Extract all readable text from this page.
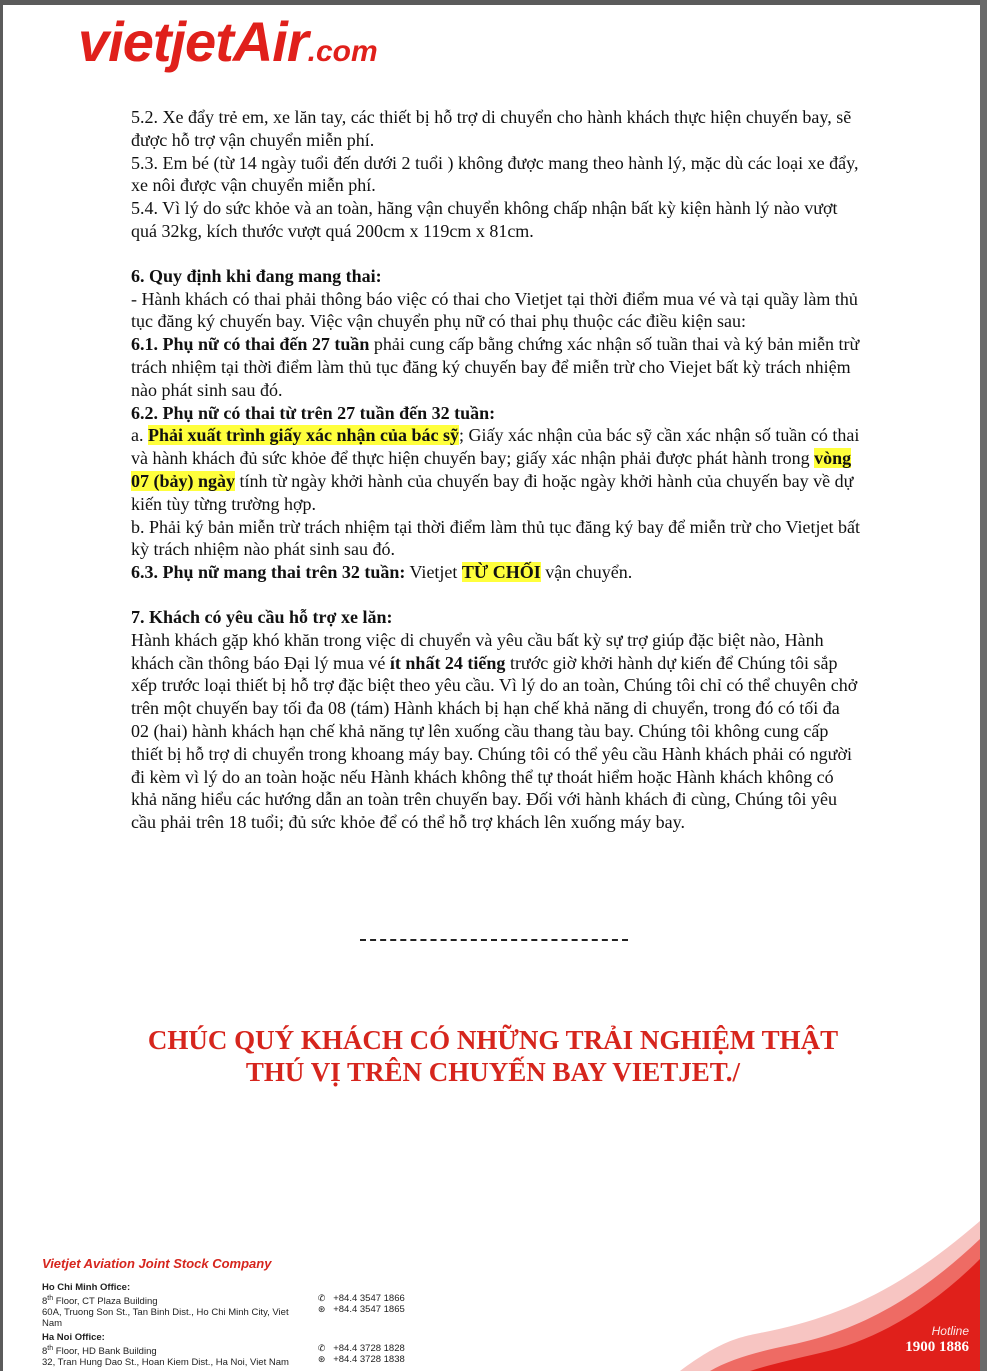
vietjetAir.com

5.2. Xe đẩy trẻ em, xe lăn tay, các thiết bị hỗ trợ di chuyển cho hành khách thực hiện chuyến bay, sẽ được hỗ trợ vận chuyển miễn phí.

5.3. Em bé (từ 14 ngày tuổi đến dưới 2 tuổi ) không được mang theo hành lý, mặc dù các loại xe đẩy, xe nôi được vận chuyển miễn phí.

5.4. Vì lý do sức khỏe và an toàn, hãng vận chuyển không chấp nhận bất kỳ kiện hành lý nào vượt quá 32kg, kích thước vượt quá 200cm x 119cm x 81cm.

6. Quy định khi đang mang thai:

- Hành khách có thai phải thông báo việc có thai cho Vietjet tại thời điểm mua vé và tại quầy làm thủ tục đăng ký chuyến bay. Việc vận chuyển phụ nữ có thai phụ thuộc các điều kiện sau:

6.1. Phụ nữ có thai đến 27 tuần phải cung cấp bằng chứng xác nhận số tuần thai và ký bản miễn trừ trách nhiệm tại thời điểm làm thủ tục đăng ký chuyến bay để miễn trừ cho Viejet bất kỳ trách nhiệm nào phát sinh sau đó.

6.2. Phụ nữ có thai từ trên 27 tuần đến 32 tuần:

a. Phải xuất trình giấy xác nhận của bác sỹ; Giấy xác nhận của bác sỹ cần xác nhận số tuần có thai và hành khách đủ sức khỏe để thực hiện chuyến bay; giấy xác nhận phải được phát hành trong vòng 07 (bảy) ngày tính từ ngày khởi hành của chuyến bay đi hoặc ngày khởi hành của chuyến bay về dự kiến tùy từng trường hợp.

b. Phải ký bản miễn trừ trách nhiệm tại thời điểm làm thủ tục đăng ký bay để miễn trừ cho Vietjet bất kỳ trách nhiệm nào phát sinh sau đó.

6.3. Phụ nữ mang thai trên 32 tuần: Vietjet TỪ CHỐI vận chuyển.

7. Khách có yêu cầu hỗ trợ xe lăn:

Hành khách gặp khó khăn trong việc di chuyển và yêu cầu bất kỳ sự trợ giúp đặc biệt nào, Hành khách cần thông báo Đại lý mua vé ít nhất 24 tiếng trước giờ khởi hành dự kiến để Chúng tôi sắp xếp trước loại thiết bị hỗ trợ đặc biệt theo yêu cầu. Vì lý do an toàn, Chúng tôi chỉ có thể chuyên chở trên một chuyến bay tối đa 08 (tám) Hành khách bị hạn chế khả năng di chuyển, trong đó có tối đa 02 (hai) hành khách hạn chế khả năng tự lên xuống cầu thang tàu bay. Chúng tôi không cung cấp thiết bị hỗ trợ di chuyển trong khoang máy bay. Chúng tôi có thể yêu cầu Hành khách phải có người đi kèm vì lý do an toàn hoặc nếu Hành khách không thể tự thoát hiểm hoặc Hành khách không có khả năng hiểu các hướng dẫn an toàn trên chuyến bay. Đối với hành khách đi cùng, Chúng tôi yêu cầu phải trên 18 tuổi; đủ sức khỏe để có thể hỗ trợ khách lên xuống máy bay.

CHÚC QUÝ KHÁCH CÓ NHỮNG TRẢI NGHIỆM THẬT
THÚ VỊ TRÊN CHUYẾN BAY VIETJET./
Vietjet Aviation Joint Stock Company
Ho Chi Minh Office:
8th Floor, CT Plaza Building
60A, Truong Son St., Tan Binh Dist., Ho Chi Minh City, Viet Nam
✆ +84.4 3547 1866
⊛ +84.4 3547 1865
Ha Noi Office:
8th Floor, HD Bank Building
32, Tran Hung Dao St., Hoan Kiem Dist., Ha Noi, Viet Nam
✆ +84.4 3728 1828
⊛ +84.4 3728 1838
Hotline
1900 1886
